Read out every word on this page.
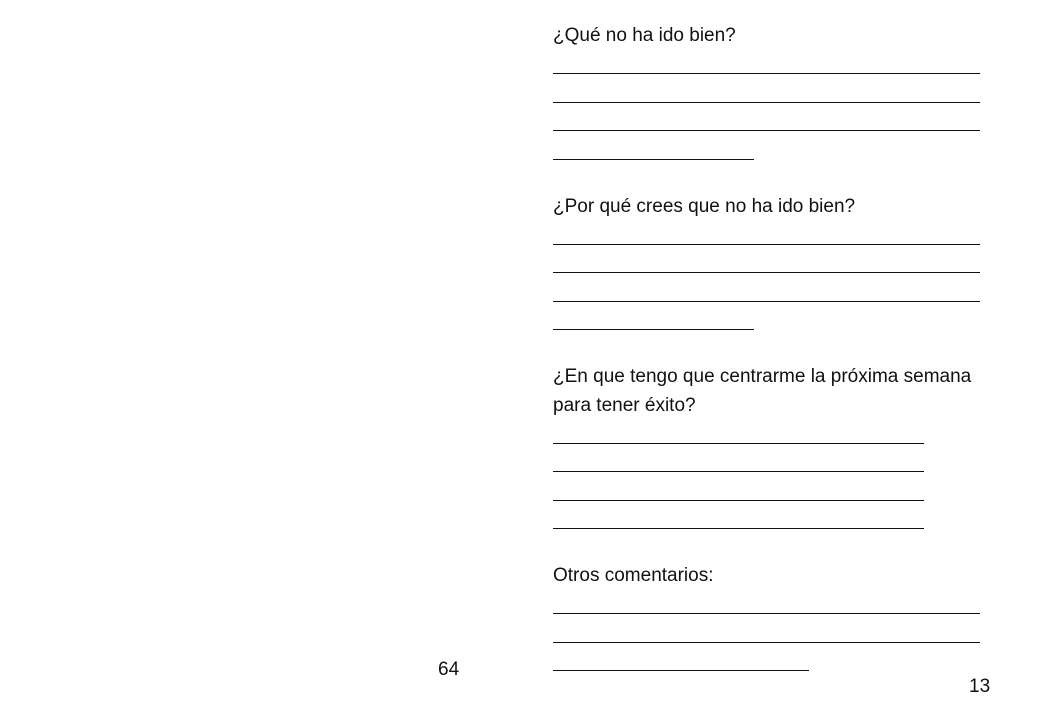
¿Qué no ha ido bien?

¿Por qué crees que no ha ido bien?

¿En que tengo que centrarme la próxima semana para tener éxito?

Otros comentarios:

64
13
